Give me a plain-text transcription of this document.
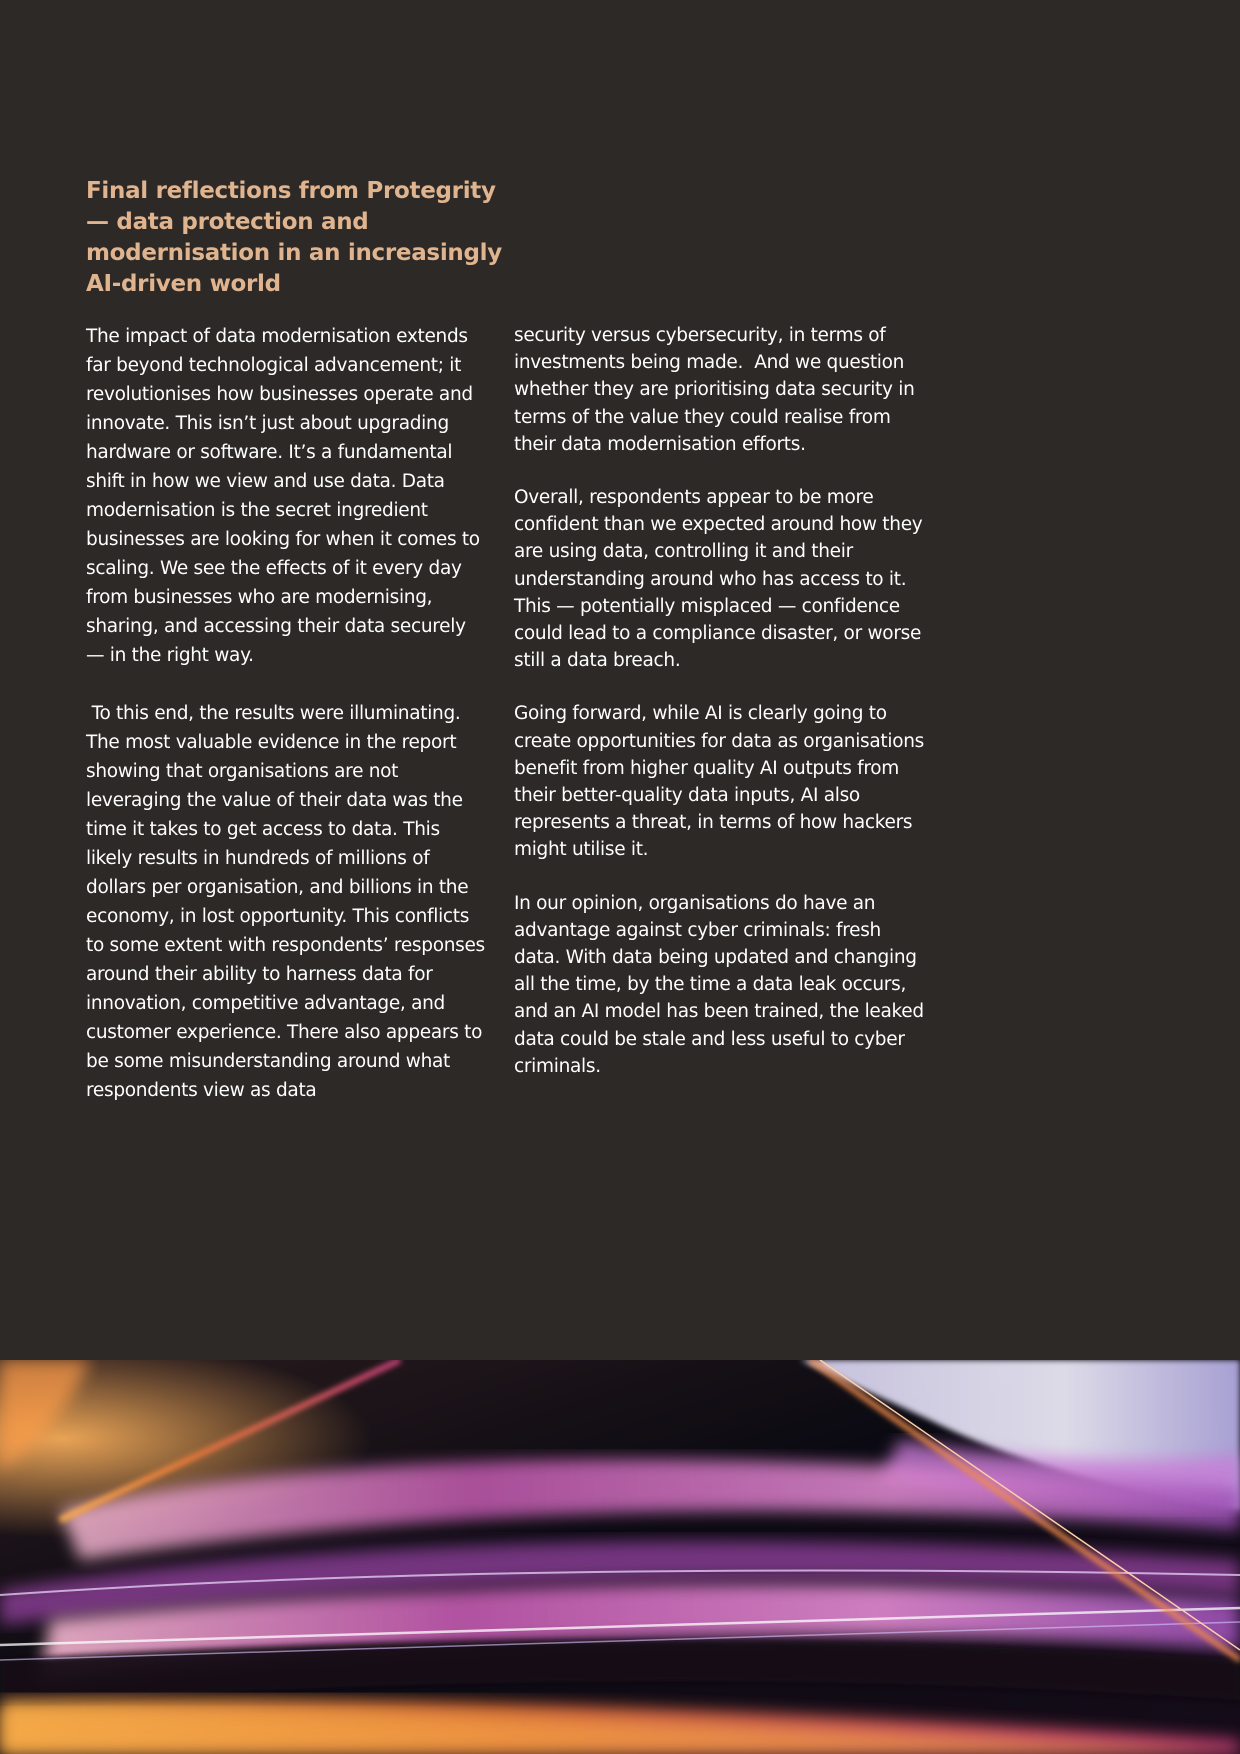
Final reflections from Protegrity — data protection and modernisation in an increasingly AI-driven world

The impact of data modernisation extends far beyond technological advancement; it revolutionises how businesses operate and innovate. This isn’t just about upgrading hardware or software. It’s a fundamental shift in how we view and use data. Data modernisation is the secret ingredient businesses are looking for when it comes to scaling. We see the effects of it every day from businesses who are modernising, sharing, and accessing their data securely — in the right way.

To this end, the results were illuminating. The most valuable evidence in the report showing that organisations are not leveraging the value of their data was the time it takes to get access to data. This likely results in hundreds of millions of dollars per organisation, and billions in the economy, in lost opportunity. This conflicts to some extent with respondents’ responses around their ability to harness data for innovation, competitive advantage, and customer experience. There also appears to be some misunderstanding around what respondents view as data

security versus cybersecurity, in terms of investments being made.  And we question whether they are prioritising data security in terms of the value they could realise from their data modernisation efforts.

Overall, respondents appear to be more confident than we expected around how they are using data, controlling it and their understanding around who has access to it. This — potentially misplaced — confidence could lead to a compliance disaster, or worse still a data breach.

Going forward, while AI is clearly going to create opportunities for data as organisations benefit from higher quality AI outputs from their better-quality data inputs, AI also represents a threat, in terms of how hackers might utilise it.

In our opinion, organisations do have an advantage against cyber criminals: fresh data. With data being updated and changing all the time, by the time a data leak occurs, and an AI model has been trained, the leaked data could be stale and less useful to cyber criminals.
